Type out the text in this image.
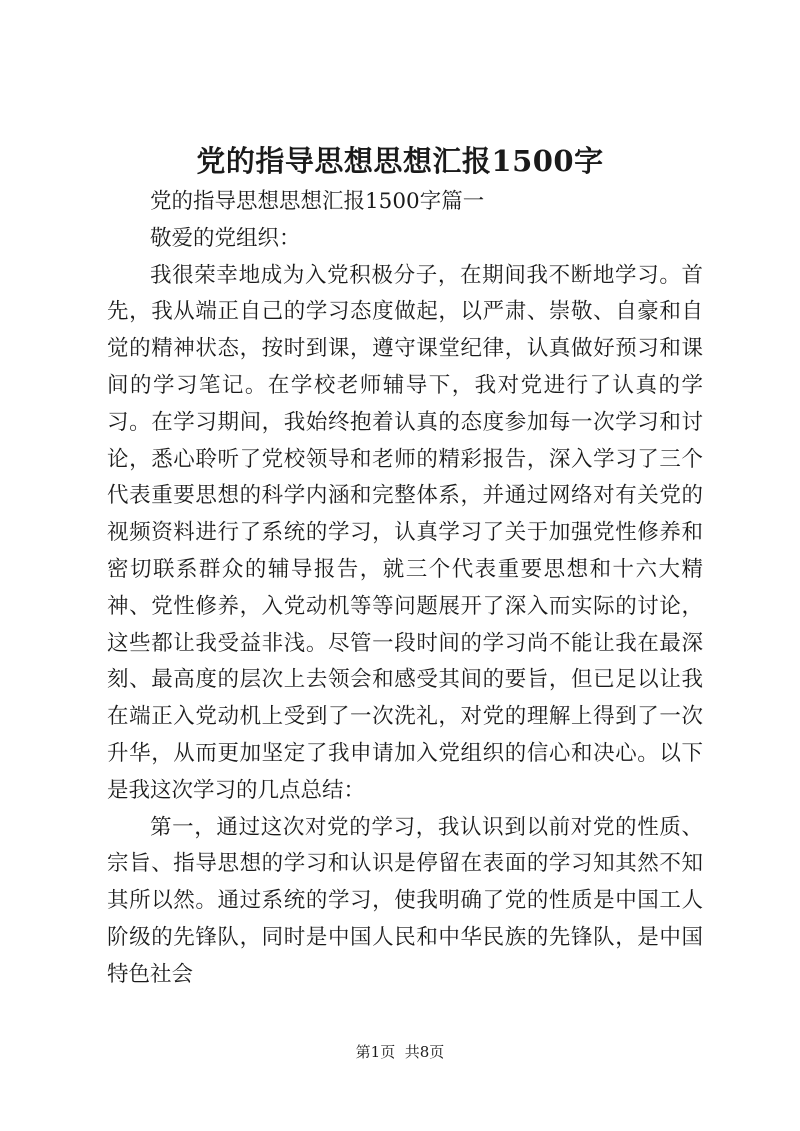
党的指导思想思想汇报1500字

党的指导思想思想汇报1500字篇一

敬爱的党组织：

我很荣幸地成为入党积极分子，在期间我不断地学习。首先，我从端正自己的学习态度做起，以严肃、崇敬、自豪和自觉的精神状态，按时到课，遵守课堂纪律，认真做好预习和课间的学习笔记。在学校老师辅导下，我对党进行了认真的学习。在学习期间，我始终抱着认真的态度参加每一次学习和讨论，悉心聆听了党校领导和老师的精彩报告，深入学习了三个代表重要思想的科学内涵和完整体系，并通过网络对有关党的视频资料进行了系统的学习，认真学习了关于加强党性修养和密切联系群众的辅导报告，就三个代表重要思想和十六大精神、党性修养，入党动机等等问题展开了深入而实际的讨论，这些都让我受益非浅。尽管一段时间的学习尚不能让我在最深刻、最高度的层次上去领会和感受其间的要旨，但已足以让我在端正入党动机上受到了一次洗礼，对党的理解上得到了一次升华，从而更加坚定了我申请加入党组织的信心和决心。以下是我这次学习的几点总结：

第一，通过这次对党的学习，我认识到以前对党的性质、宗旨、指导思想的学习和认识是停留在表面的学习知其然不知其所以然。通过系统的学习，使我明确了党的性质是中国工人阶级的先锋队，同时是中国人民和中华民族的先锋队，是中国特色社会

第1页 共8页
